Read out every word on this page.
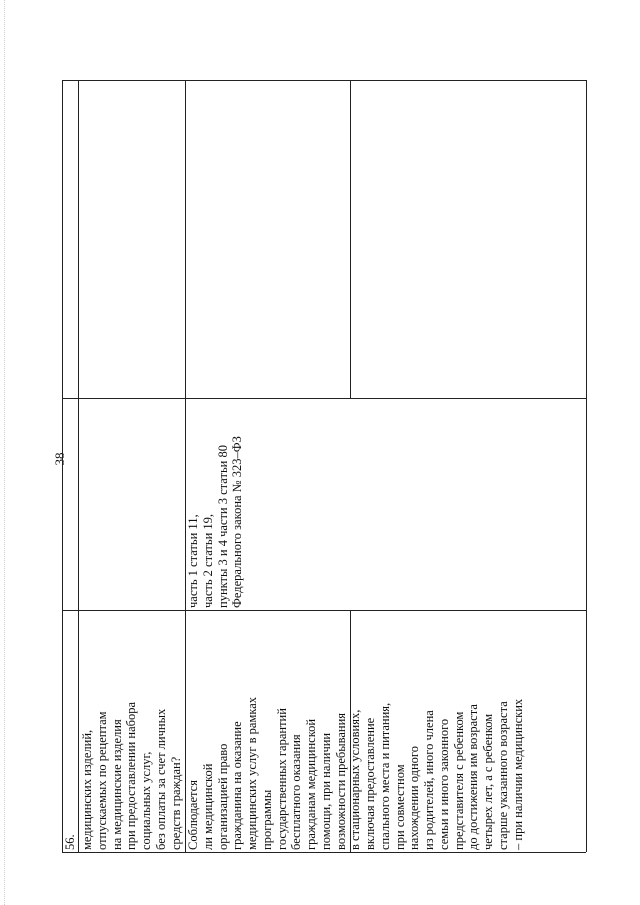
38
медицинских изделий, отпускаемых по рецептам на медицинские изделия при предоставлении набора социальных услуг, без оплаты за счет личных средств граждан?
56.	Соблюдается ли медицинской организацией право гражданина на оказание медицинских услуг в рамках программы государственных гарантий бесплатного оказания гражданам медицинской помощи, при наличии возможности пребывания в стационарных условиях, включая предоставление спального места и питания, при совместном нахождении одного из родителей, иного члена семьи и иного законного представителя с ребенком до достижения им возраста четырех лет, а с ребенком старше указанного возраста – при наличии медицинских
часть 1 статьи 11, часть 2 статьи 19, пункты 3 и 4 части 3 статьи 80 Федерального закона № 323–ФЗ
